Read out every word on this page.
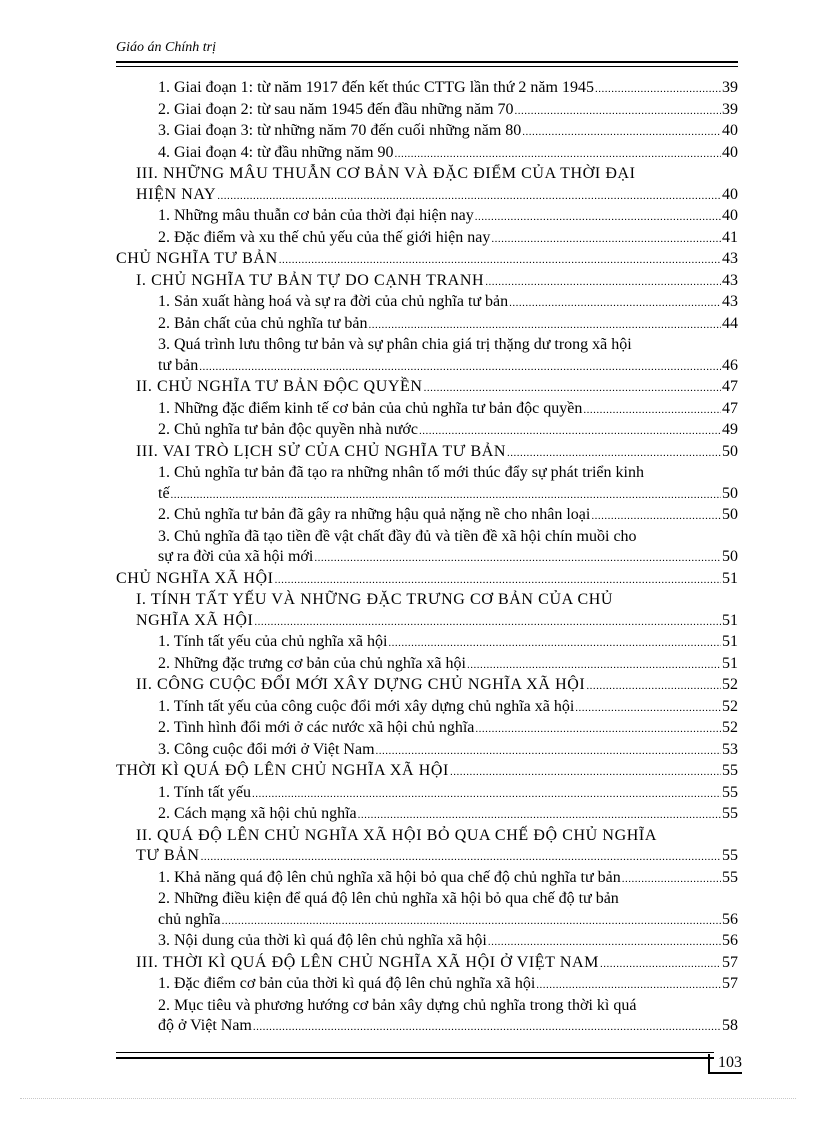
Giáo án Chính trị
1. Giai đoạn 1: từ năm 1917 đến kết thúc CTTG lần thứ 2 năm 1945 .....	39
2. Giai đoạn 2: từ sau năm 1945 đến đầu những năm 70 .....	39
3. Giai đoạn 3: từ những năm 70 đến cuối những năm 80 .....	40
4. Giai đoạn 4: từ đầu những năm 90 .....	40
III. NHỮNG MÂU THUẪN CƠ BẢN VÀ ĐẶC ĐIỂM CỦA THỜI ĐẠI
HIỆN NAY .....	40
1. Những mâu thuẫn cơ bản của thời đại hiện nay .....	40
2. Đặc điểm và xu thế chủ yếu của thế giới hiện nay .....	41
CHỦ NGHĨA TƯ BẢN .....	43
I. CHỦ NGHĨA TƯ BẢN TỰ DO CẠNH TRANH .....	43
1. Sản xuất hàng hoá và sự ra đời của chủ nghĩa tư bản .....	43
2. Bản chất của chủ nghĩa tư bản .....	44
3. Quá trình lưu thông tư bản và sự phân chia giá trị thặng dư trong xã hội
tư bản .....	46
II. CHỦ NGHĨA TƯ BẢN ĐỘC QUYỀN .....	47
1. Những đặc điểm kinh tế cơ bản của chủ nghĩa tư bản độc quyền .....	47
2. Chủ nghĩa tư bản độc quyền nhà nước .....	49
III. VAI TRÒ LỊCH SỬ CỦA CHỦ NGHĨA TƯ BẢN .....	50
1. Chủ nghĩa tư bản đã tạo ra những nhân tố mới thúc đẩy sự phát triển kinh
tế .....	50
2. Chủ nghĩa tư bản đã gây ra những hậu quả nặng nề cho nhân loại .....	50
3. Chủ nghĩa đã tạo tiền đề vật chất đầy đủ và tiền đề xã hội chín muồi cho
sự ra đời của xã hội mới .....	50
CHỦ NGHĨA XÃ HỘI .....	51
I. TÍNH TẤT YẾU VÀ NHỮNG ĐẶC TRƯNG CƠ BẢN CỦA CHỦ
NGHĨA XÃ HỘI .....	51
1. Tính tất yếu của chủ nghĩa xã hội .....	51
2. Những đặc trưng cơ bản của chủ nghĩa xã hội .....	51
II. CÔNG CUỘC ĐỔI MỚI XÂY DỰNG CHỦ NGHĨA XÃ HỘI .....	52
1. Tính tất yếu của công cuộc đổi mới xây dựng chủ nghĩa xã hội .....	52
2. Tình hình đổi mới ở các nước xã hội chủ nghĩa .....	52
3. Công cuộc đổi mới ở Việt Nam .....	53
THỜI KÌ QUÁ ĐỘ LÊN CHỦ NGHĨA XÃ HỘI .....	55
1. Tính tất yếu .....	55
2. Cách mạng xã hội chủ nghĩa .....	55
II. QUÁ ĐỘ LÊN CHỦ NGHĨA XÃ HỘI BỎ QUA CHẾ ĐỘ CHỦ NGHĨA
TƯ BẢN .....	55
1. Khả năng quá độ lên chủ nghĩa xã hội bỏ qua chế độ chủ nghĩa tư bản .....	55
2. Những điều kiện để quá độ lên chủ nghĩa xã hội bỏ qua chế độ tư bản
chủ nghĩa .....	56
3. Nội dung của thời kì quá độ lên chủ nghĩa xã hội .....	56
III. THỜI KÌ QUÁ ĐỘ LÊN CHỦ NGHĨA XÃ HỘI Ở VIỆT NAM .....	57
1. Đặc điểm cơ bản của thời kì quá độ lên chủ nghĩa xã hội .....	57
2. Mục tiêu và phương hướng cơ bản xây dựng chủ nghĩa trong thời kì quá
độ ở Việt Nam .....	58
103
